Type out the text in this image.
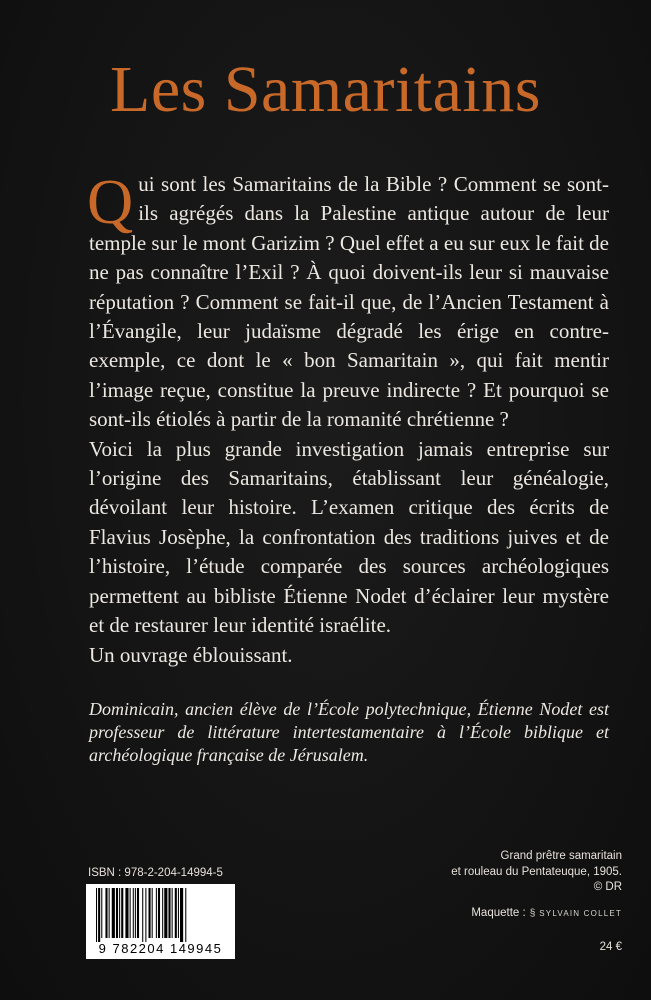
Les Samaritains

Qui sont les Samaritains de la Bible ? Comment se sont-ils agrégés dans la Palestine antique autour de leur temple sur le mont Garizim ? Quel effet a eu sur eux le fait de ne pas connaître l’Exil ? À quoi doivent-ils leur si mauvaise réputation ? Comment se fait-il que, de l’Ancien Testament à l’Évangile, leur judaïsme dégradé les érige en contre-exemple, ce dont le « bon Samaritain », qui fait mentir l’image reçue, constitue la preuve indirecte ? Et pourquoi se sont-ils étiolés à partir de la romanité chrétienne ?

Voici la plus grande investigation jamais entreprise sur l’origine des Samaritains, établissant leur généalogie, dévoilant leur histoire. L’examen critique des écrits de Flavius Josèphe, la confrontation des traditions juives et de l’histoire, l’étude comparée des sources archéologiques permettent au bibliste Étienne Nodet d’éclairer leur mystère et de restaurer leur identité israélite.

Un ouvrage éblouissant.

Dominicain, ancien élève de l’École polytechnique, Étienne Nodet est professeur de littérature intertestamentaire à l’École biblique et archéologique française de Jérusalem.
Grand prêtre samaritain
et rouleau du Pentateuque, 1905.
© DR
ISBN : 978-2-204-14994-5
9 782204 149945
Maquette : § SYLVAIN COLLET
24 €
